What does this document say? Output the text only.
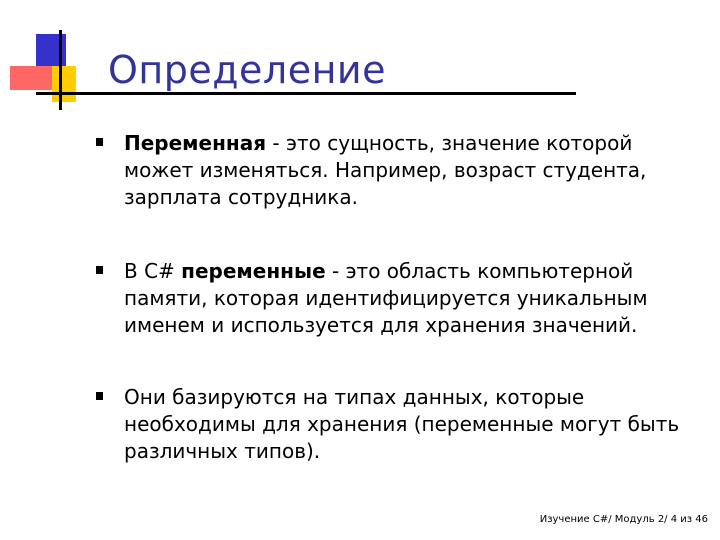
Определение
Переменная - это сущность, значение которой может изменяться. Например, возраст студента, зарплата сотрудника.
В C# переменные - это область компьютерной памяти, которая идентифицируется уникальным именем и используется для хранения значений.
Они базируются на типах данных, которые необходимы для хранения (переменные могут быть различных типов).
Изучение C#/ Модуль 2/ 4 из 46
